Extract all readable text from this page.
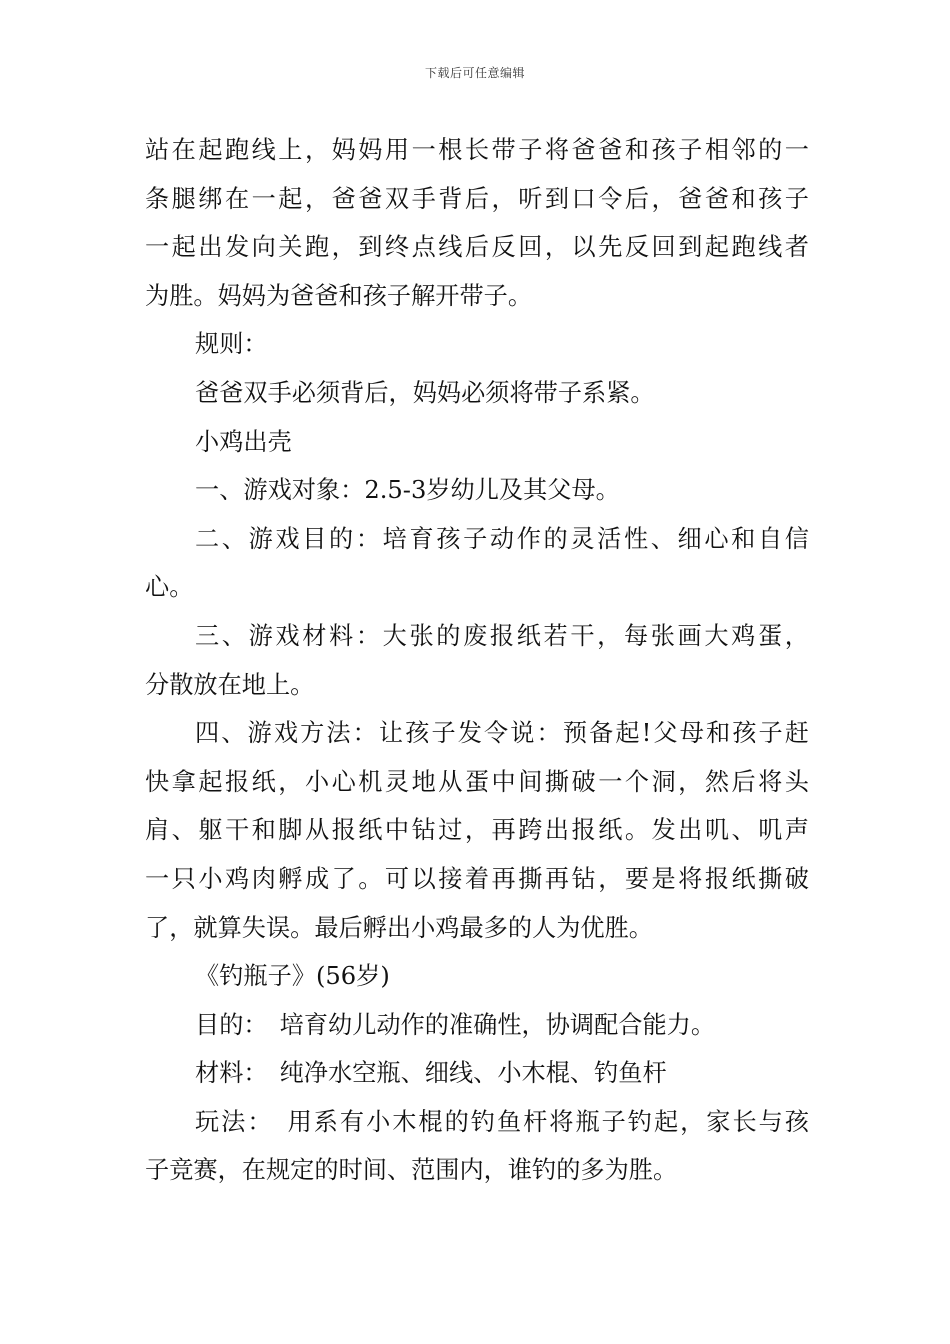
下载后可任意编辑
站在起跑线上，妈妈用一根长带子将爸爸和孩子相邻的一
条腿绑在一起，爸爸双手背后，听到口令后，爸爸和孩子
一起出发向关跑，到终点线后反回，以先反回到起跑线者
为胜。妈妈为爸爸和孩子解开带子。
规则：
爸爸双手必须背后，妈妈必须将带子系紧。
小鸡出壳
一、游戏对象：2.5-3岁幼儿及其父母。
二、游戏目的：培育孩子动作的灵活性、细心和自信
心。
三、游戏材料：大张的废报纸若干，每张画大鸡蛋，
分散放在地上。
四、游戏方法：让孩子发令说：预备起!父母和孩子赶
快拿起报纸，小心机灵地从蛋中间撕破一个洞，然后将头
肩、躯干和脚从报纸中钻过，再跨出报纸。发出叽、叽声
一只小鸡肉孵成了。可以接着再撕再钻，要是将报纸撕破
了，就算失误。最后孵出小鸡最多的人为优胜。
《钓瓶子》(56岁)
目的：　培育幼儿动作的准确性，协调配合能力。
材料：　纯净水空瓶、细线、小木棍、钓鱼杆
玩法：　用系有小木棍的钓鱼杆将瓶子钓起，家长与孩
子竞赛，在规定的时间、范围内，谁钓的多为胜。
